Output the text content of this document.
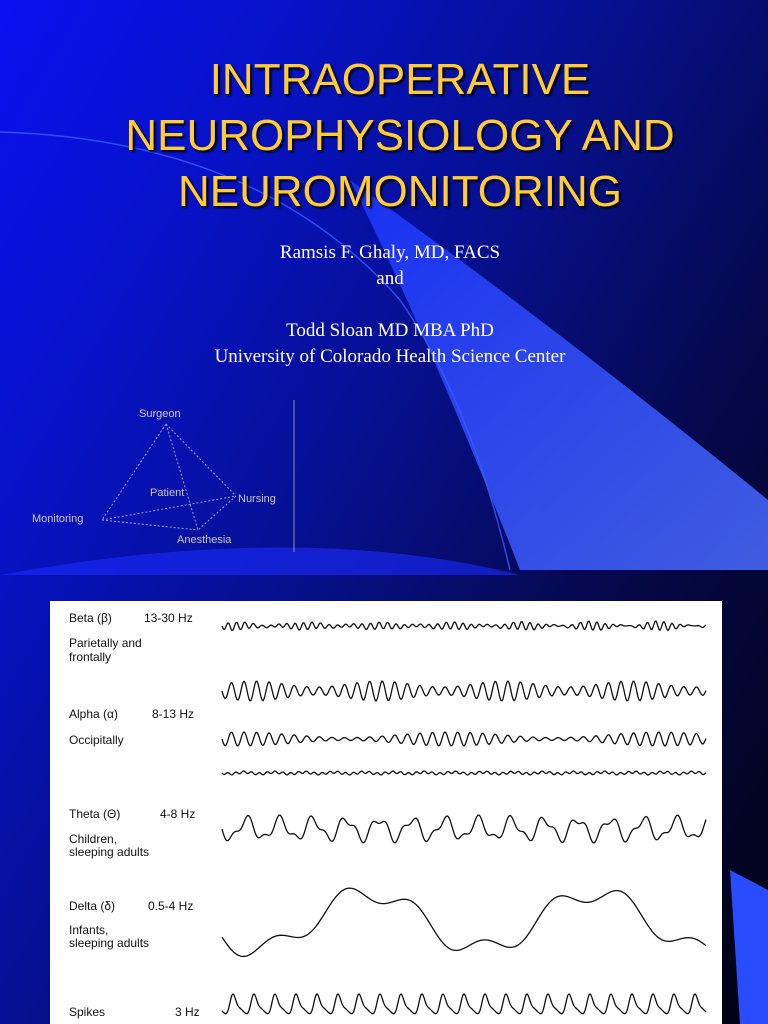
INTRAOPERATIVE
NEUROPHYSIOLOGY AND
NEUROMONITORING
Ramsis F. Ghaly, MD, FACS
and
Todd Sloan MD MBA PhD
University of Colorado Health Science Center
Surgeon
Patient	Nursing
Monitoring
Anesthesia
Beta (β)	13-30 Hz
Parietally and
frontally
Alpha (α)	8-13 Hz
Occipitally
Theta (Θ)	4-8 Hz
Children,
sleeping adults
Delta (δ)	0.5-4 Hz
Infants,
sleeping adults
Spikes	3 Hz
